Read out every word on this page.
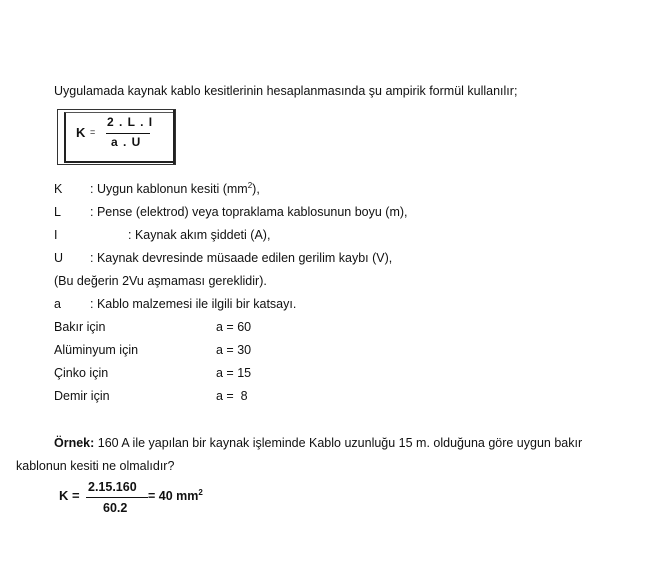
Uygulamada kaynak kablo kesitlerinin hesaplanmasında şu ampirik formül kullanılır;
K =
2 . L . I
a . U
K : Uygun kablonun kesiti $(mm^2)$,
L : Pense (elektrod) veya topraklama kablosunun boyu (m),
I	: Kaynak akım şiddeti (A),
U : Kaynak devresinde müsaade edilen gerilim kaybı (V),
(Bu değerin 2Vu aşmaması gereklidir).
a : Kablo malzemesi ile ilgili bir katsayı.
Bakır için	a = 60
Alüminyum için	a = 30
Çinko için	a = 15
Demir için	a =  8
Örnek: 160 A ile yapılan bir kaynak işleminde Kablo uzunluğu 15 m. olduğuna göre uygun bakır
kablonun kesiti ne olmalıdır?
K =
2.15.160
60.2
= 40 $mm^2$
